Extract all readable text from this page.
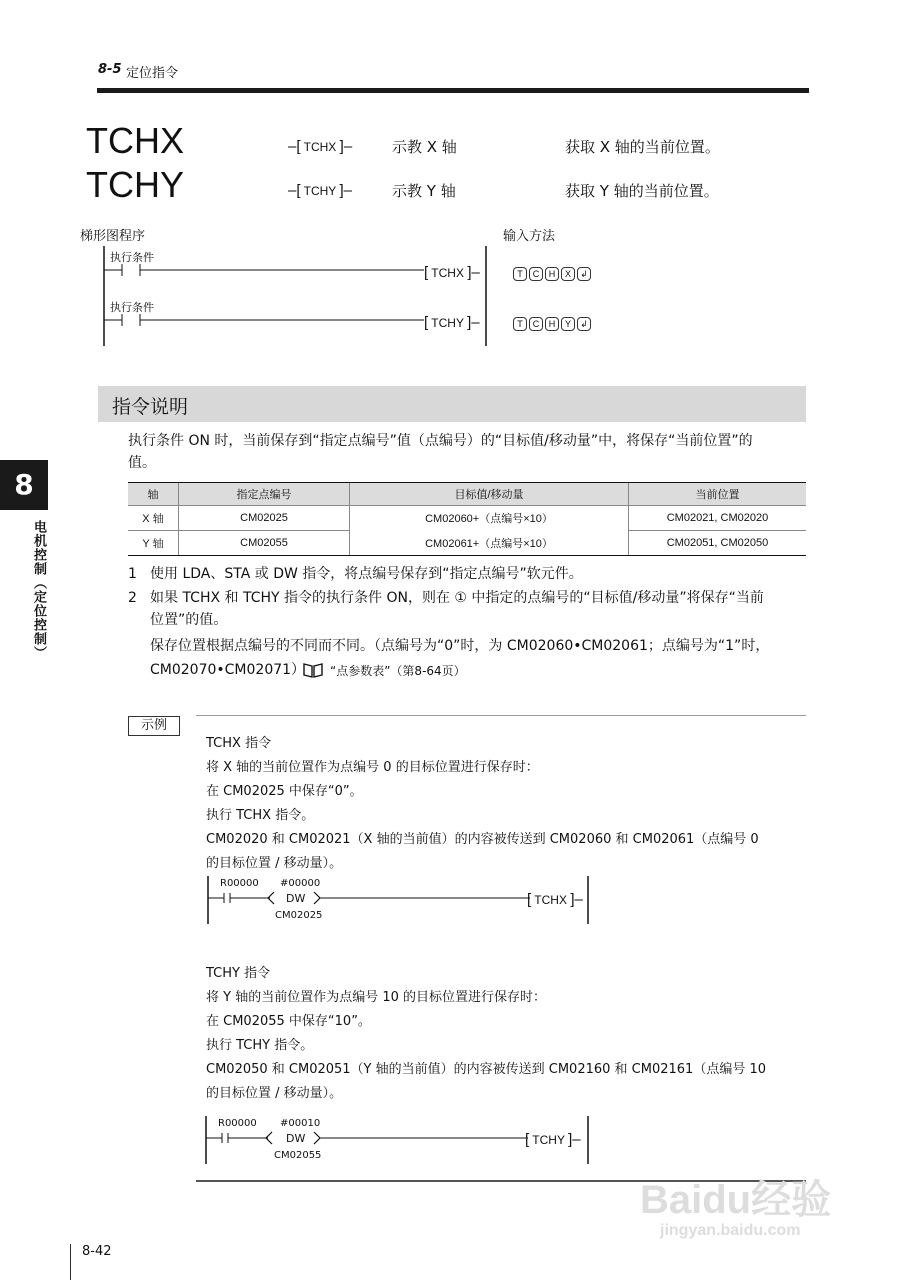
8-5 定位指令
TCHX	–[ TCHX ]–	示教 X 轴	获取 X 轴的当前位置。
TCHY	–[ TCHY ]–	示教 Y 轴	获取 Y 轴的当前位置。
梯形图程序	输入方法
执行条件
[ TCHX ]–
执行条件
[ TCHY ]–
T C H X ↲
T C H Y ↲
8
电机控制（定位控制）
指令说明
执行条件 ON 时，当前保存到“指定点编号”值（点编号）的“目标值/移动量”中，将保存“当前位置”的
值。
轴	指定点编号	目标值/移动量	当前位置
X 轴	CM02025	CM02060+（点编号×10）	CM02021, CM02020
Y 轴	CM02055	CM02061+（点编号×10）	CM02051, CM02050
1 使用 LDA、STA 或 DW 指令，将点编号保存到“指定点编号”软元件。
2 如果 TCHX 和 TCHY 指令的执行条件 ON，则在 ① 中指定的点编号的“目标值/移动量”将保存“当前
位置”的值。
保存位置根据点编号的不同而不同。（点编号为“0”时，为 CM02060•CM02061；点编号为“1”时，
CM02070•CM02071） “点参数表”（第8-64页）
示例
TCHX 指令
将 X 轴的当前位置作为点编号 0 的目标位置进行保存时：
在 CM02025 中保存“0”。
执行 TCHX 指令。
CM02020 和 CM02021（X 轴的当前值）的内容被传送到 CM02060 和 CM02061（点编号 0
的目标位置 / 移动量）。
R00000 #00000
DW
CM02025
[ TCHX ]–
TCHY 指令
将 Y 轴的当前位置作为点编号 10 的目标位置进行保存时：
在 CM02055 中保存“10”。
执行 TCHY 指令。
CM02050 和 CM02051（Y 轴的当前值）的内容被传送到 CM02160 和 CM02161（点编号 10
的目标位置 / 移动量）。
R00000 #00010
DW
CM02055
[ TCHY ]–
Baidu经验
jingyan.baidu.com
8-42
